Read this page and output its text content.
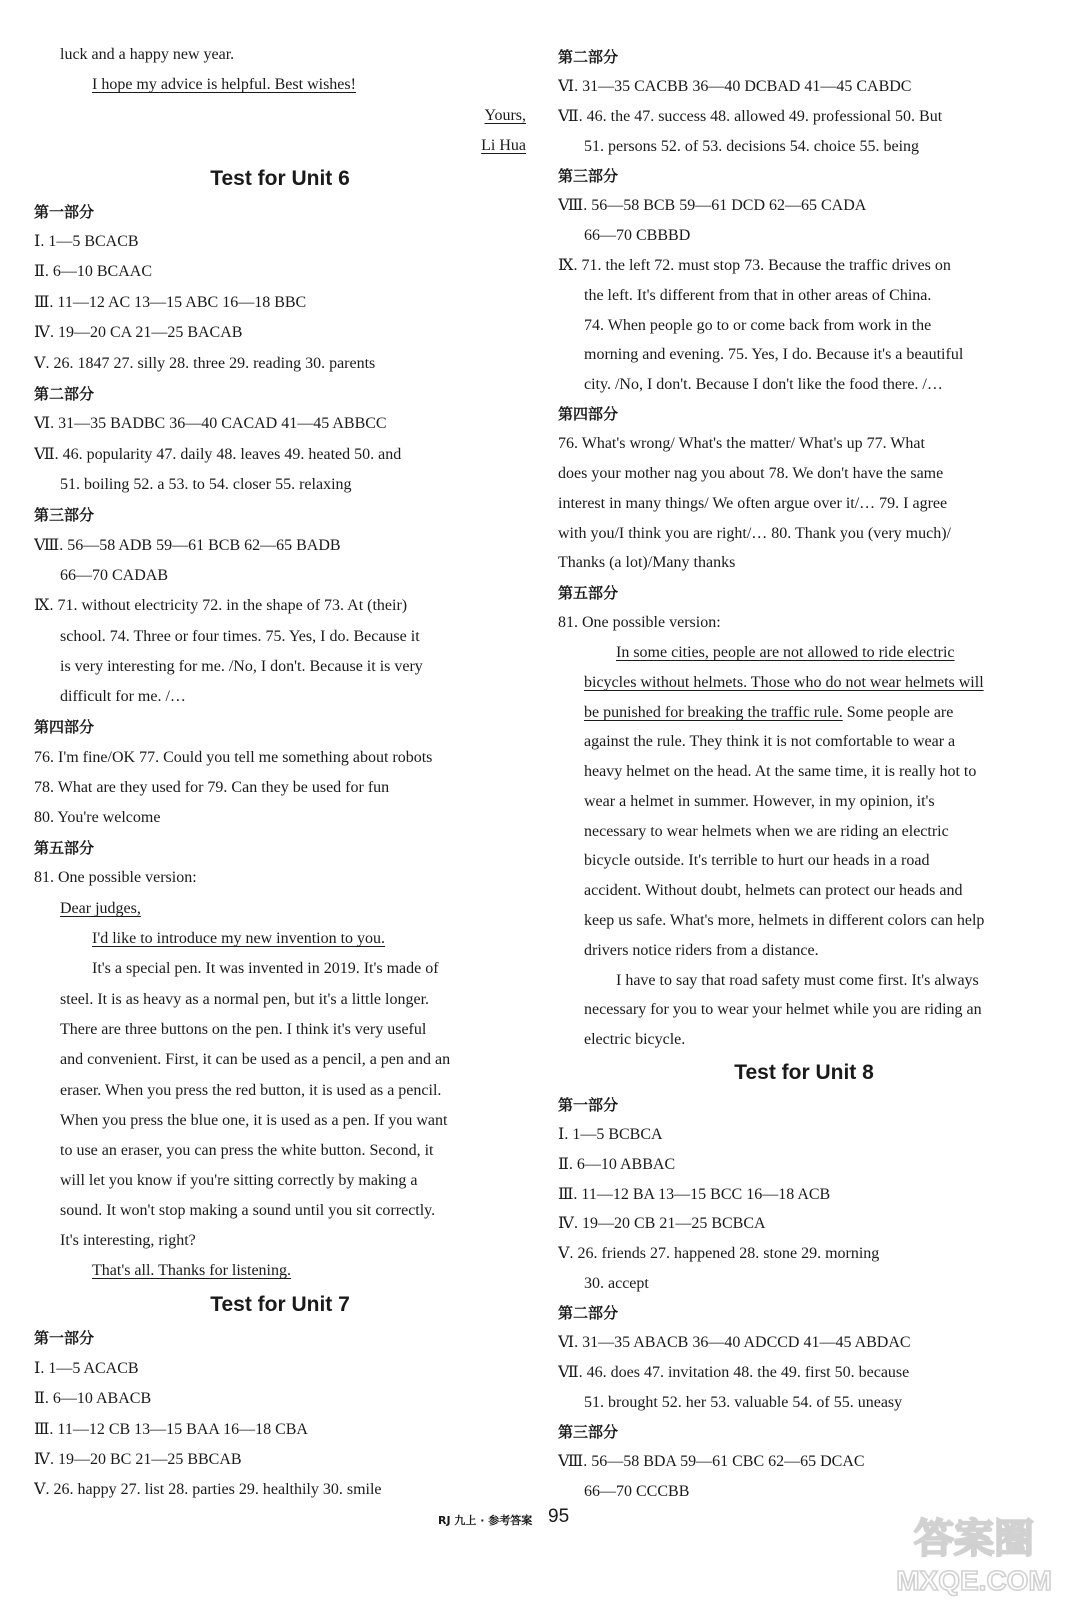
luck and a happy new year.
I hope my advice is helpful. Best wishes!
Yours,
Li Hua
Test for Unit 6
第一部分
Ⅰ. 1—5 BCACB
Ⅱ. 6—10 BCAAC
Ⅲ. 11—12 AC 13—15 ABC 16—18 BBC
Ⅳ. 19—20 CA 21—25 BACAB
Ⅴ. 26. 1847 27. silly 28. three 29. reading 30. parents
第二部分
Ⅵ. 31—35 BADBC 36—40 CACAD 41—45 ABBCC
Ⅶ. 46. popularity 47. daily 48. leaves 49. heated 50. and
51. boiling 52. a 53. to 54. closer 55. relaxing
第三部分
Ⅷ. 56—58 ADB 59—61 BCB 62—65 BADB
66—70 CADAB
Ⅸ. 71. without electricity 72. in the shape of 73. At (their)
school. 74. Three or four times. 75. Yes, I do. Because it
is very interesting for me. /No, I don't. Because it is very
difficult for me. /…
第四部分
76. I'm fine/OK 77. Could you tell me something about robots
78. What are they used for 79. Can they be used for fun
80. You're welcome
第五部分
81. One possible version:
Dear judges,
I'd like to introduce my new invention to you.
It's a special pen. It was invented in 2019. It's made of
steel. It is as heavy as a normal pen, but it's a little longer.
There are three buttons on the pen. I think it's very useful
and convenient. First, it can be used as a pencil, a pen and an
eraser. When you press the red button, it is used as a pencil.
When you press the blue one, it is used as a pen. If you want
to use an eraser, you can press the white button. Second, it
will let you know if you're sitting correctly by making a
sound. It won't stop making a sound until you sit correctly.
It's interesting, right?
That's all. Thanks for listening.
Test for Unit 7
第一部分
Ⅰ. 1—5 ACACB
Ⅱ. 6—10 ABACB
Ⅲ. 11—12 CB 13—15 BAA 16—18 CBA
Ⅳ. 19—20 BC 21—25 BBCAB
Ⅴ. 26. happy 27. list 28. parties 29. healthily 30. smile
第二部分
Ⅵ. 31—35 CACBB 36—40 DCBAD 41—45 CABDC
Ⅶ. 46. the 47. success 48. allowed 49. professional 50. But
51. persons 52. of 53. decisions 54. choice 55. being
第三部分
Ⅷ. 56—58 BCB 59—61 DCD 62—65 CADA
66—70 CBBBD
Ⅸ. 71. the left 72. must stop 73. Because the traffic drives on
the left. It's different from that in other areas of China.
74. When people go to or come back from work in the
morning and evening. 75. Yes, I do. Because it's a beautiful
city. /No, I don't. Because I don't like the food there. /…
第四部分
76. What's wrong/ What's the matter/ What's up 77. What
does your mother nag you about 78. We don't have the same
interest in many things/ We often argue over it/… 79. I agree
with you/I think you are right/… 80. Thank you (very much)/
Thanks (a lot)/Many thanks
第五部分
81. One possible version:
In some cities, people are not allowed to ride electric
bicycles without helmets. Those who do not wear helmets will
be punished for breaking the traffic rule. Some people are
against the rule. They think it is not comfortable to wear a
heavy helmet on the head. At the same time, it is really hot to
wear a helmet in summer. However, in my opinion, it's
necessary to wear helmets when we are riding an electric
bicycle outside. It's terrible to hurt our heads in a road
accident. Without doubt, helmets can protect our heads and
keep us safe. What's more, helmets in different colors can help
drivers notice riders from a distance.
I have to say that road safety must come first. It's always
necessary for you to wear your helmet while you are riding an
electric bicycle.
Test for Unit 8
第一部分
Ⅰ. 1—5 BCBCA
Ⅱ. 6—10 ABBAC
Ⅲ. 11—12 BA 13—15 BCC 16—18 ACB
Ⅳ. 19—20 CB 21—25 BCBCA
Ⅴ. 26. friends 27. happened 28. stone 29. morning
30. accept
第二部分
Ⅵ. 31—35 ABACB 36—40 ADCCD 41—45 ABDAC
Ⅶ. 46. does 47. invitation 48. the 49. first 50. because
51. brought 52. her 53. valuable 54. of 55. uneasy
第三部分
Ⅷ. 56—58 BDA 59—61 CBC 62—65 DCAC
66—70 CCCBB
RJ 九上 · 参考答案 95	答案圈
MXQE.COM
